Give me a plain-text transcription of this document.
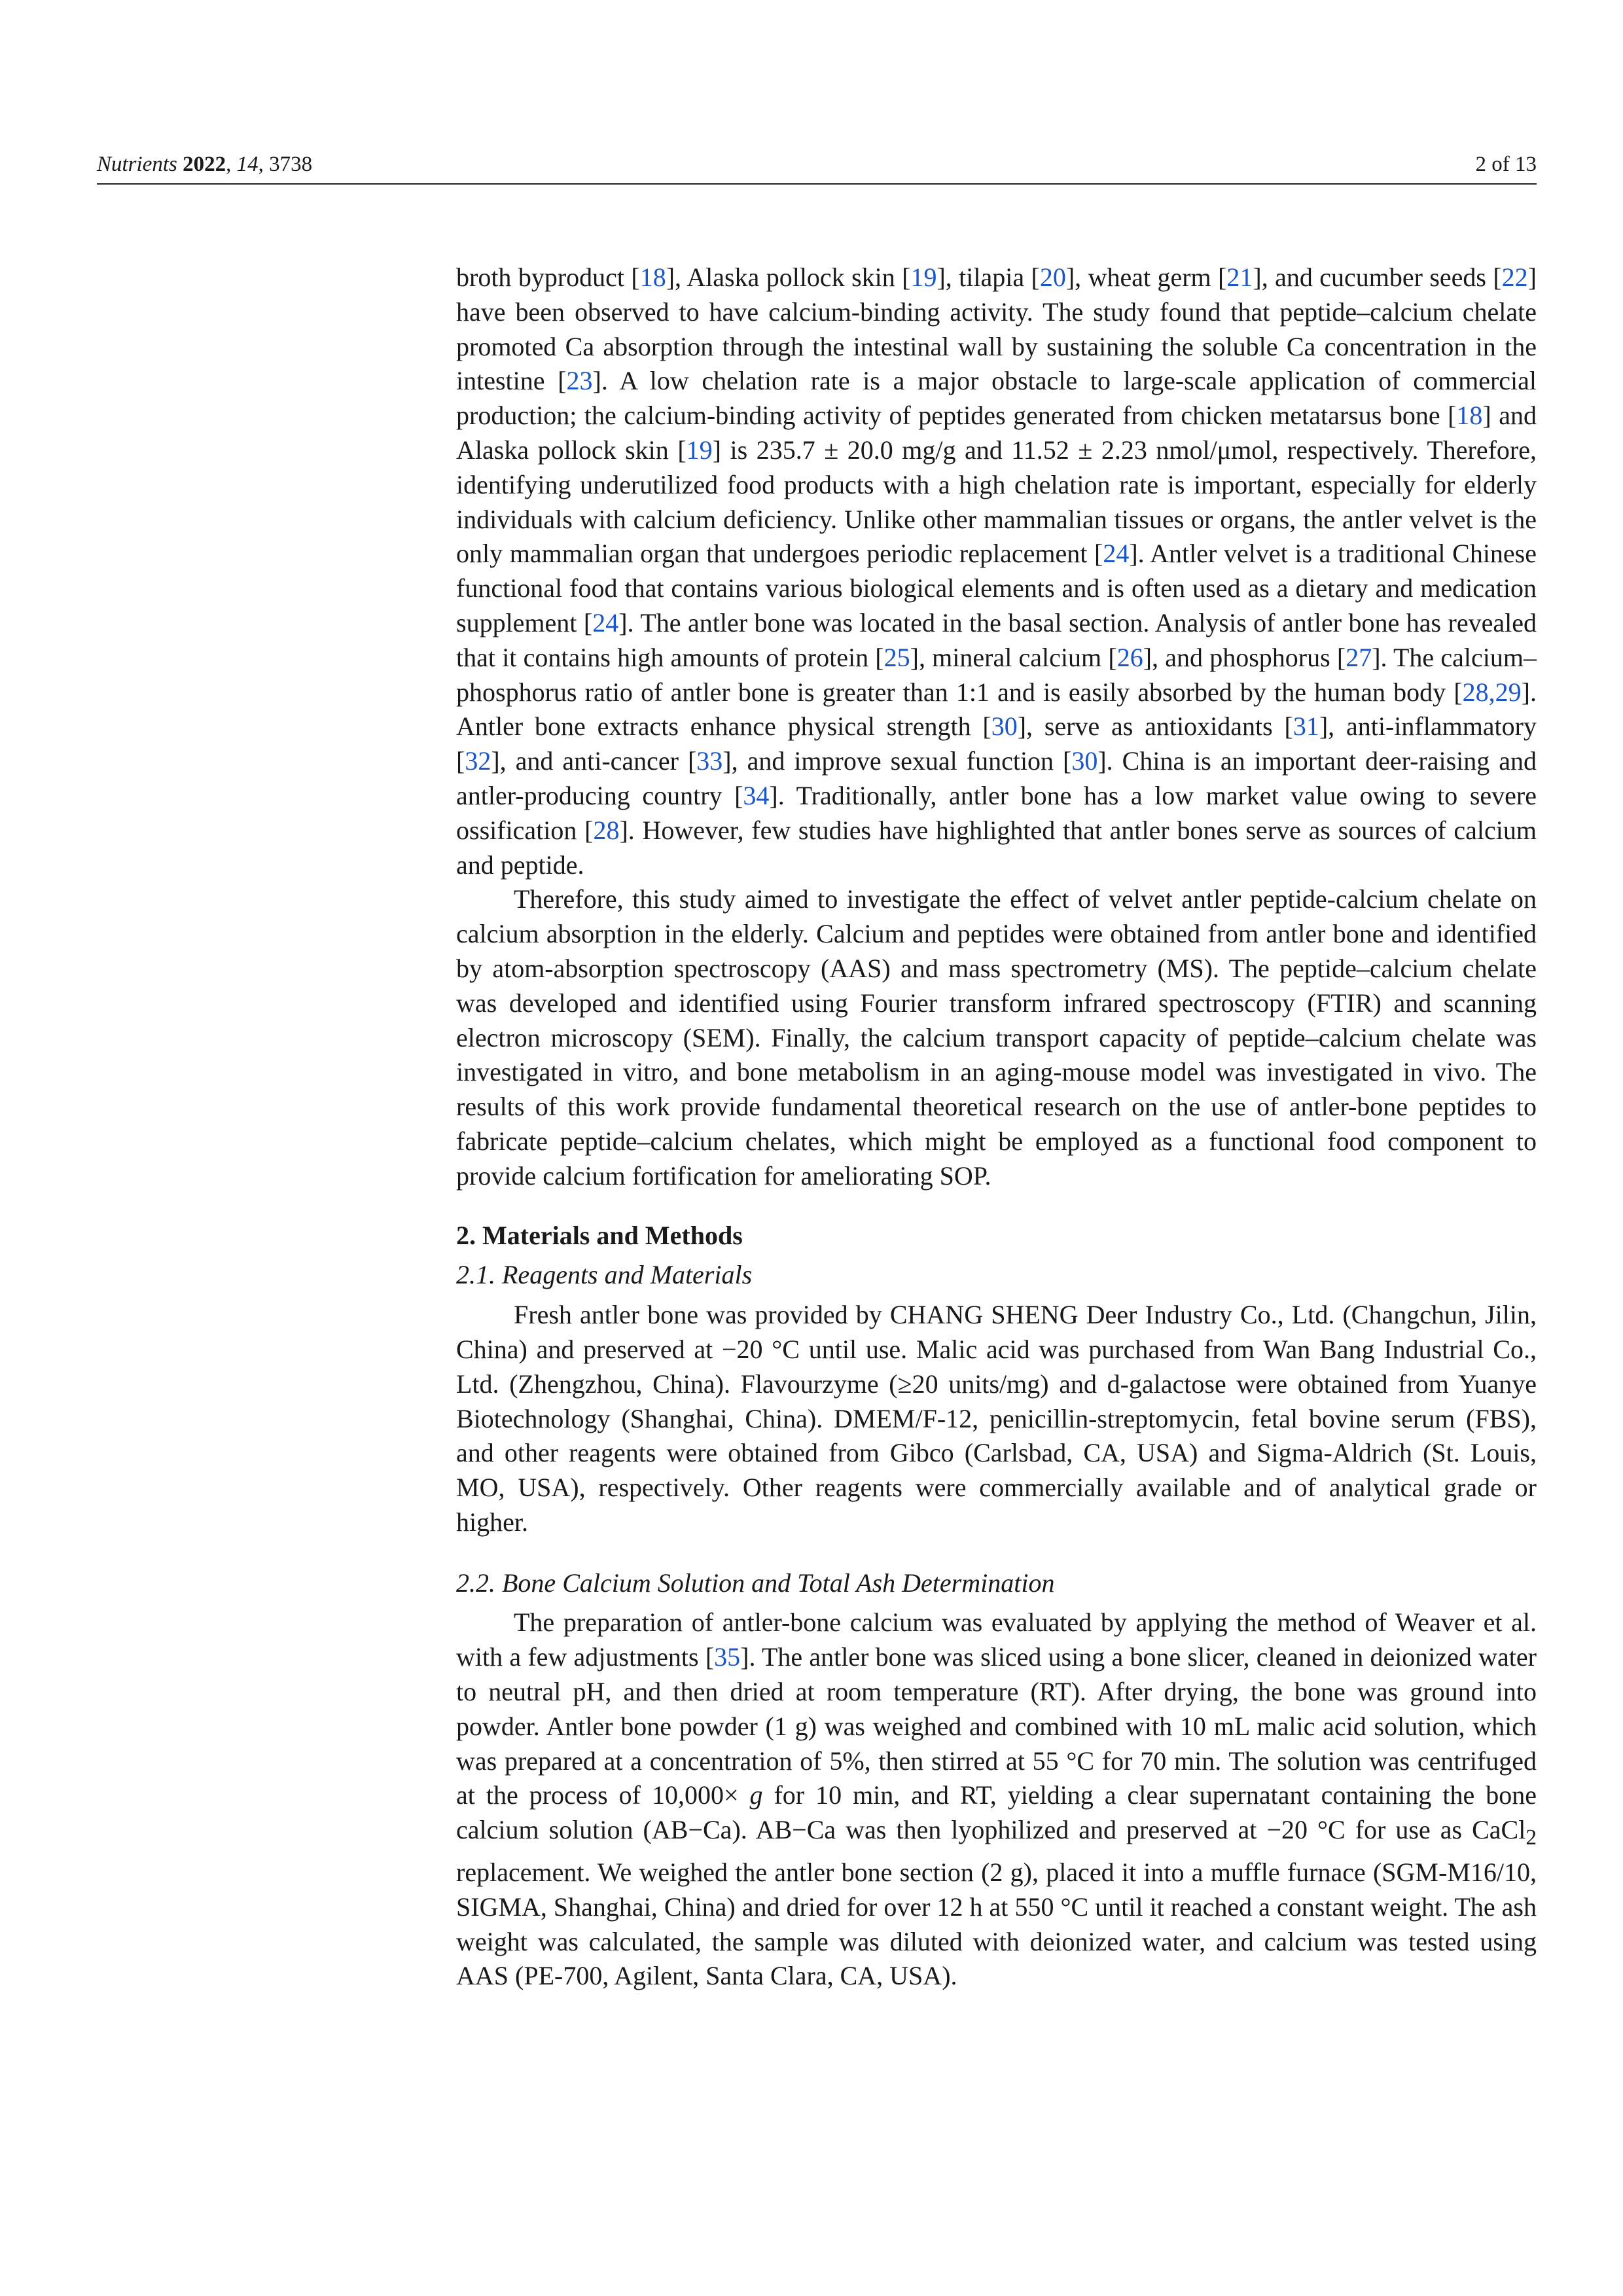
Nutrients 2022, 14, 3738	2 of 13

broth byproduct [18], Alaska pollock skin [19], tilapia [20], wheat germ [21], and cucumber seeds [22] have been observed to have calcium-binding activity. The study found that peptide–calcium chelate promoted Ca absorption through the intestinal wall by sustaining the soluble Ca concentration in the intestine [23]. A low chelation rate is a major obstacle to large-scale application of commercial production; the calcium-binding activity of peptides generated from chicken metatarsus bone [18] and Alaska pollock skin [19] is 235.7 ± 20.0 mg/g and 11.52 ± 2.23 nmol/μmol, respectively. Therefore, identifying underutilized food products with a high chelation rate is important, especially for elderly individuals with calcium deficiency. Unlike other mammalian tissues or organs, the antler velvet is the only mammalian organ that undergoes periodic replacement [24]. Antler velvet is a traditional Chinese functional food that contains various biological elements and is often used as a dietary and medication supplement [24]. The antler bone was located in the basal section. Analysis of antler bone has revealed that it contains high amounts of protein [25], mineral calcium [26], and phosphorus [27]. The calcium–phosphorus ratio of antler bone is greater than 1:1 and is easily absorbed by the human body [28,29]. Antler bone extracts enhance physical strength [30], serve as antioxidants [31], anti-inflammatory [32], and anti-cancer [33], and improve sexual function [30]. China is an important deer-raising and antler-producing country [34]. Traditionally, antler bone has a low market value owing to severe ossification [28]. However, few studies have highlighted that antler bones serve as sources of calcium and peptide.

Therefore, this study aimed to investigate the effect of velvet antler peptide-calcium chelate on calcium absorption in the elderly. Calcium and peptides were obtained from antler bone and identified by atom-absorption spectroscopy (AAS) and mass spectrometry (MS). The peptide–calcium chelate was developed and identified using Fourier transform infrared spectroscopy (FTIR) and scanning electron microscopy (SEM). Finally, the calcium transport capacity of peptide–calcium chelate was investigated in vitro, and bone metabolism in an aging-mouse model was investigated in vivo. The results of this work provide fundamental theoretical research on the use of antler-bone peptides to fabricate peptide–calcium chelates, which might be employed as a functional food component to provide calcium fortification for ameliorating SOP.

2. Materials and Methods

2.1. Reagents and Materials

Fresh antler bone was provided by CHANG SHENG Deer Industry Co., Ltd. (Changchun, Jilin, China) and preserved at −20 °C until use. Malic acid was purchased from Wan Bang Industrial Co., Ltd. (Zhengzhou, China). Flavourzyme (≥20 units/mg) and d-galactose were obtained from Yuanye Biotechnology (Shanghai, China). DMEM/F-12, penicillin-streptomycin, fetal bovine serum (FBS), and other reagents were obtained from Gibco (Carlsbad, CA, USA) and Sigma-Aldrich (St. Louis, MO, USA), respectively. Other reagents were commercially available and of analytical grade or higher.

2.2. Bone Calcium Solution and Total Ash Determination

The preparation of antler-bone calcium was evaluated by applying the method of Weaver et al. with a few adjustments [35]. The antler bone was sliced using a bone slicer, cleaned in deionized water to neutral pH, and then dried at room temperature (RT). After drying, the bone was ground into powder. Antler bone powder (1 g) was weighed and combined with 10 mL malic acid solution, which was prepared at a concentration of 5%, then stirred at 55 °C for 70 min. The solution was centrifuged at the process of 10,000× g for 10 min, and RT, yielding a clear supernatant containing the bone calcium solution (AB−Ca). AB−Ca was then lyophilized and preserved at −20 °C for use as CaCl$_2$ replacement. We weighed the antler bone section (2 g), placed it into a muffle furnace (SGM-M16/10, SIGMA, Shanghai, China) and dried for over 12 h at 550 °C until it reached a constant weight. The ash weight was calculated, the sample was diluted with deionized water, and calcium was tested using AAS (PE-700, Agilent, Santa Clara, CA, USA).
